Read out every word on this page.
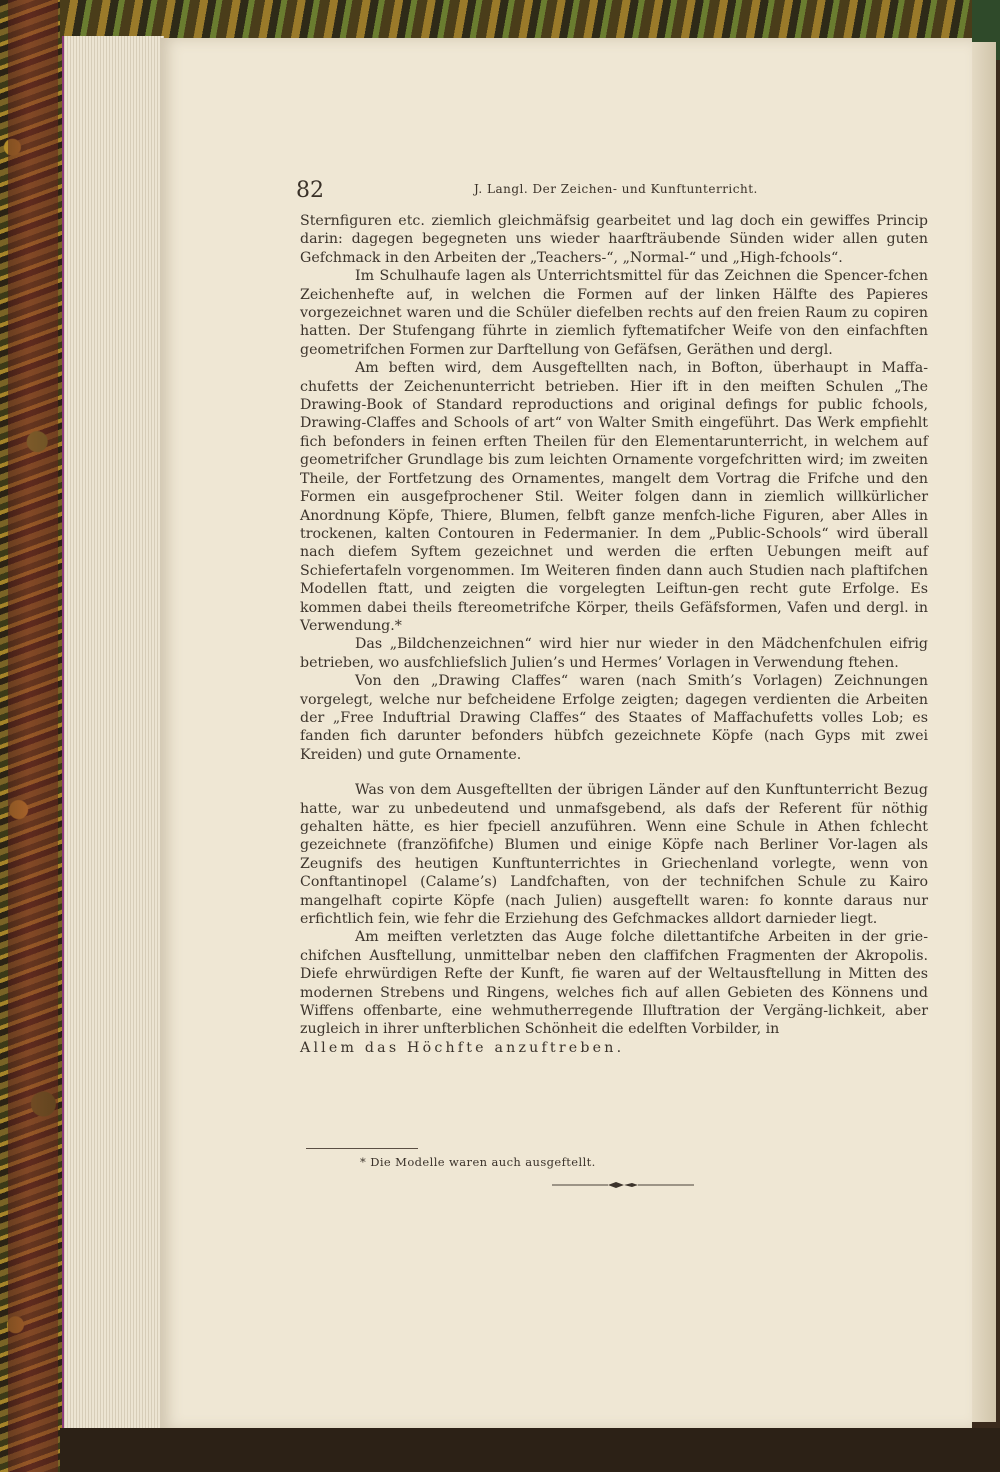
82	J. Langl. Der Zeichen- und Kunftunterricht.

Sternfiguren etc. ziemlich gleichmäfsig gearbeitet und lag doch ein gewiffes Princip darin: dagegen begegneten uns wieder haarfträubende Sünden wider allen guten Gefchmack in den Arbeiten der „Teachers-“, „Normal-“ und „High-fchools“.

Im Schulhaufe lagen als Unterrichtsmittel für das Zeichnen die Spencer-fchen Zeichenhefte auf, in welchen die Formen auf der linken Hälfte des Papieres vorgezeichnet waren und die Schüler diefelben rechts auf den freien Raum zu copiren hatten. Der Stufengang führte in ziemlich fyftematifcher Weife von den einfachften geometrifchen Formen zur Darftellung von Gefäfsen, Geräthen und dergl.

Am beften wird, dem Ausgeftellten nach, in Bofton, überhaupt in Maffa-chufetts der Zeichenunterricht betrieben. Hier ift in den meiften Schulen „The Drawing-Book of Standard reproductions and original defings for public fchools, Drawing-Claffes and Schools of art“ von Walter Smith eingeführt. Das Werk empfiehlt fich befonders in feinen erften Theilen für den Elementarunterricht, in welchem auf geometrifcher Grundlage bis zum leichten Ornamente vorgefchritten wird; im zweiten Theile, der Fortfetzung des Ornamentes, mangelt dem Vortrag die Frifche und den Formen ein ausgefprochener Stil. Weiter folgen dann in ziemlich willkürlicher Anordnung Köpfe, Thiere, Blumen, felbft ganze menfch-liche Figuren, aber Alles in trockenen, kalten Contouren in Federmanier. In dem „Public-Schools“ wird überall nach diefem Syftem gezeichnet und werden die erften Uebungen meift auf Schiefertafeln vorgenommen. Im Weiteren finden dann auch Studien nach plaftifchen Modellen ftatt, und zeigten die vorgelegten Leiftun-gen recht gute Erfolge. Es kommen dabei theils ftereometrifche Körper, theils Gefäfsformen, Vafen und dergl. in Verwendung.*

Das „Bildchenzeichnen“ wird hier nur wieder in den Mädchenfchulen eifrig betrieben, wo ausfchliefslich Julien’s und Hermes’ Vorlagen in Verwendung ftehen.

Von den „Drawing Claffes“ waren (nach Smith’s Vorlagen) Zeichnungen vorgelegt, welche nur befcheidene Erfolge zeigten; dagegen verdienten die Arbeiten der „Free Induftrial Drawing Claffes“ des Staates of Maffachufetts volles Lob; es fanden fich darunter befonders hübfch gezeichnete Köpfe (nach Gyps mit zwei Kreiden) und gute Ornamente.

Was von dem Ausgeftellten der übrigen Länder auf den Kunftunterricht Bezug hatte, war zu unbedeutend und unmafsgebend, als dafs der Referent für nöthig gehalten hätte, es hier fpeciell anzuführen. Wenn eine Schule in Athen fchlecht gezeichnete (franzöfifche) Blumen und einige Köpfe nach Berliner Vor-lagen als Zeugnifs des heutigen Kunftunterrichtes in Griechenland vorlegte, wenn von Conftantinopel (Calame’s) Landfchaften, von der technifchen Schule zu Kairo mangelhaft copirte Köpfe (nach Julien) ausgeftellt waren: fo konnte daraus nur erfichtlich fein, wie fehr die Erziehung des Gefchmackes alldort darnieder liegt.

Am meiften verletzten das Auge folche dilettantifche Arbeiten in der grie-chifchen Ausftellung, unmittelbar neben den claffifchen Fragmenten der Akropolis. Diefe ehrwürdigen Refte der Kunft, fie waren auf der Weltausftellung in Mitten des modernen Strebens und Ringens, welches fich auf allen Gebieten des Könnens und Wiffens offenbarte, eine wehmutherregende Illuftration der Vergäng-lichkeit, aber zugleich in ihrer unfterblichen Schönheit die edelften Vorbilder, in

Allem das Höchfte anzuftreben.

* Die Modelle waren auch ausgeftellt.
